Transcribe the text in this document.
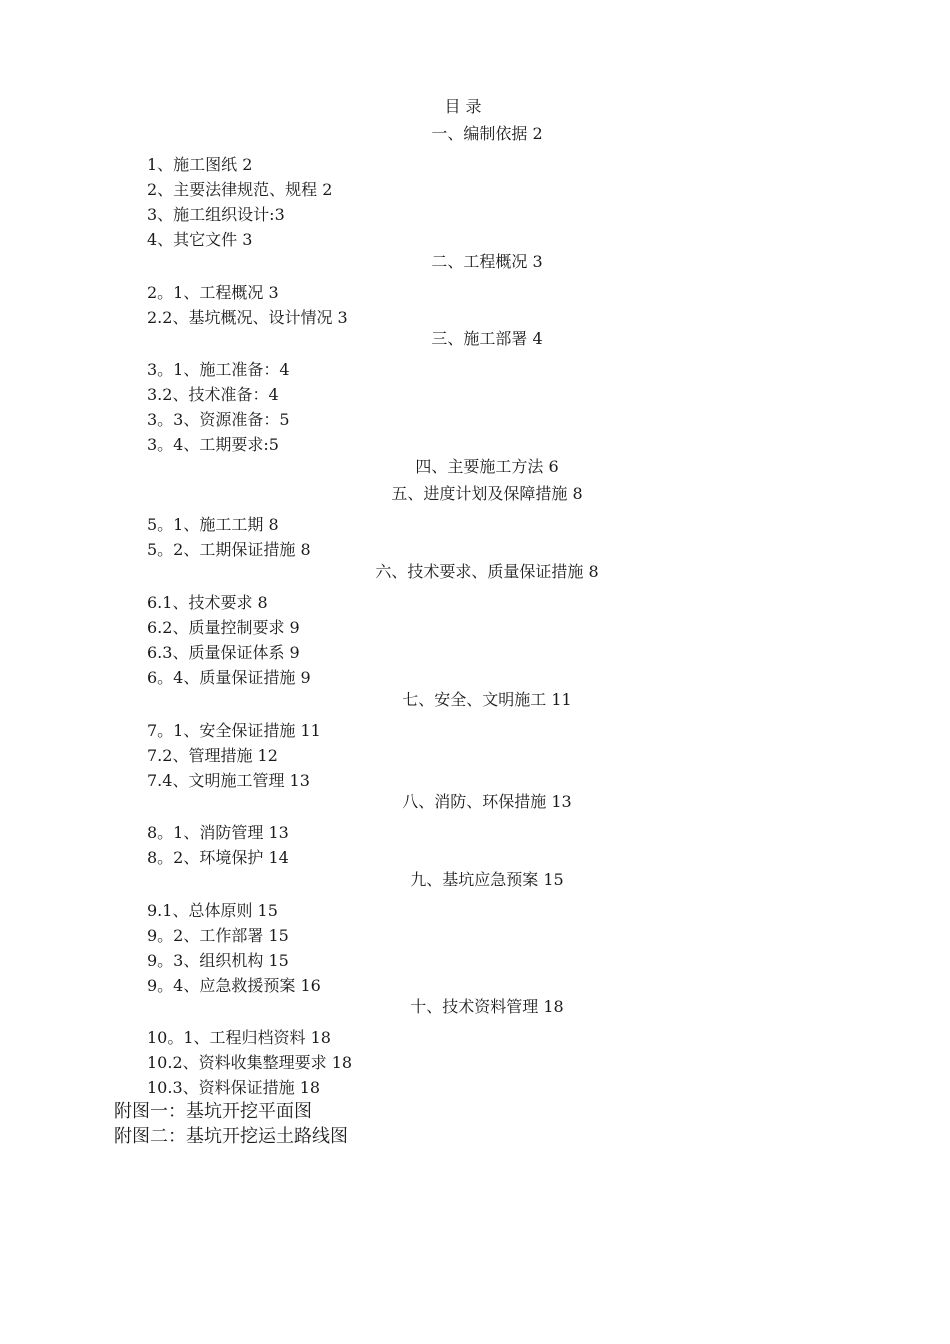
目 录
一、编制依据 2
1、施工图纸 2
2、主要法律规范、规程 2
3、施工组织设计:3
4、其它文件 3
二、工程概况 3
2。1、工程概况 3
2.2、基坑概况、设计情况 3
三、施工部署 4
3。1、施工准备：4
3.2、技术准备：4
3。3、资源准备：5
3。4、工期要求:5
四、主要施工方法 6
五、进度计划及保障措施 8
5。1、施工工期 8
5。2、工期保证措施 8
六、技术要求、质量保证措施 8
6.1、技术要求 8
6.2、质量控制要求 9
6.3、质量保证体系 9
6。4、质量保证措施 9
七、安全、文明施工 11
7。1、安全保证措施 11
7.2、管理措施 12
7.4、文明施工管理 13
八、消防、环保措施 13
8。1、消防管理 13
8。2、环境保护 14
九、基坑应急预案 15
9.1、总体原则 15
9。2、工作部署 15
9。3、组织机构 15
9。4、应急救援预案 16
十、技术资料管理 18
10。1、工程归档资料 18
10.2、资料收集整理要求 18
10.3、资料保证措施 18
附图一：基坑开挖平面图
附图二：基坑开挖运土路线图
